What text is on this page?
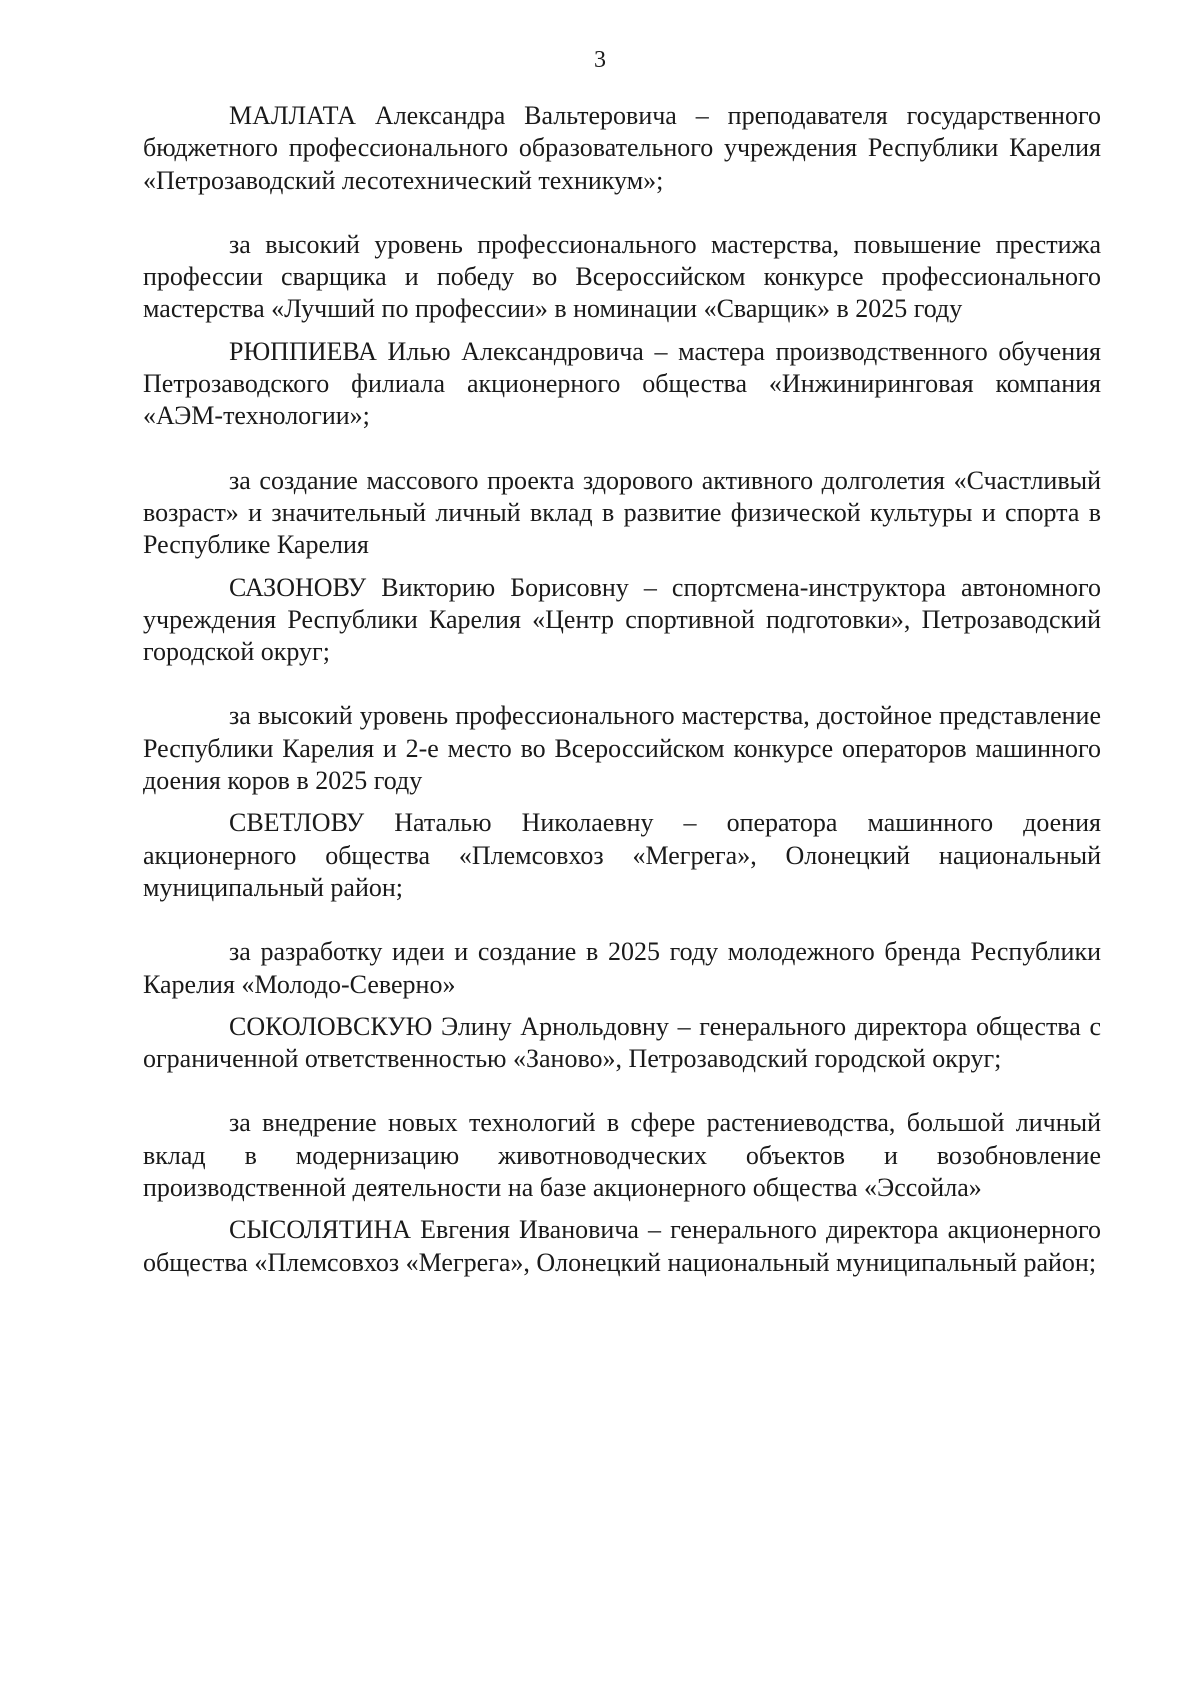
3

МАЛЛАТА Александра Вальтеровича – преподавателя государственного бюджетного профессионального образовательного учреждения Республики Карелия «Петрозаводский лесотехнический техникум»;

за высокий уровень профессионального мастерства, повышение престижа профессии сварщика и победу во Всероссийском конкурсе профессионального мастерства «Лучший по профессии» в номинации «Сварщик» в 2025 году

РЮППИЕВА Илью Александровича – мастера производственного обучения Петрозаводского филиала акционерного общества «Инжиниринговая компания «АЭМ-технологии»;

за создание массового проекта здорового активного долголетия «Счастливый возраст» и значительный личный вклад в развитие физической культуры и спорта в Республике Карелия

САЗОНОВУ Викторию Борисовну – спортсмена-инструктора автономного учреждения Республики Карелия «Центр спортивной подготовки», Петрозаводский городской округ;

за высокий уровень профессионального мастерства, достойное представление Республики Карелия и 2-е место во Всероссийском конкурсе операторов машинного доения коров в 2025 году

СВЕТЛОВУ Наталью Николаевну – оператора машинного доения акционерного общества «Племсовхоз «Мегрега», Олонецкий национальный муниципальный район;

за разработку идеи и создание в 2025 году молодежного бренда Республики Карелия «Молодо-Северно»

СОКОЛОВСКУЮ Элину Арнольдовну – генерального директора общества с ограниченной ответственностью «Заново», Петрозаводский городской округ;

за внедрение новых технологий в сфере растениеводства, большой личный вклад в модернизацию животноводческих объектов и возобновление производственной деятельности на базе акционерного общества «Эссойла»

СЫСОЛЯТИНА Евгения Ивановича – генерального директора акционерного общества «Племсовхоз «Мегрега», Олонецкий национальный муниципальный район;
